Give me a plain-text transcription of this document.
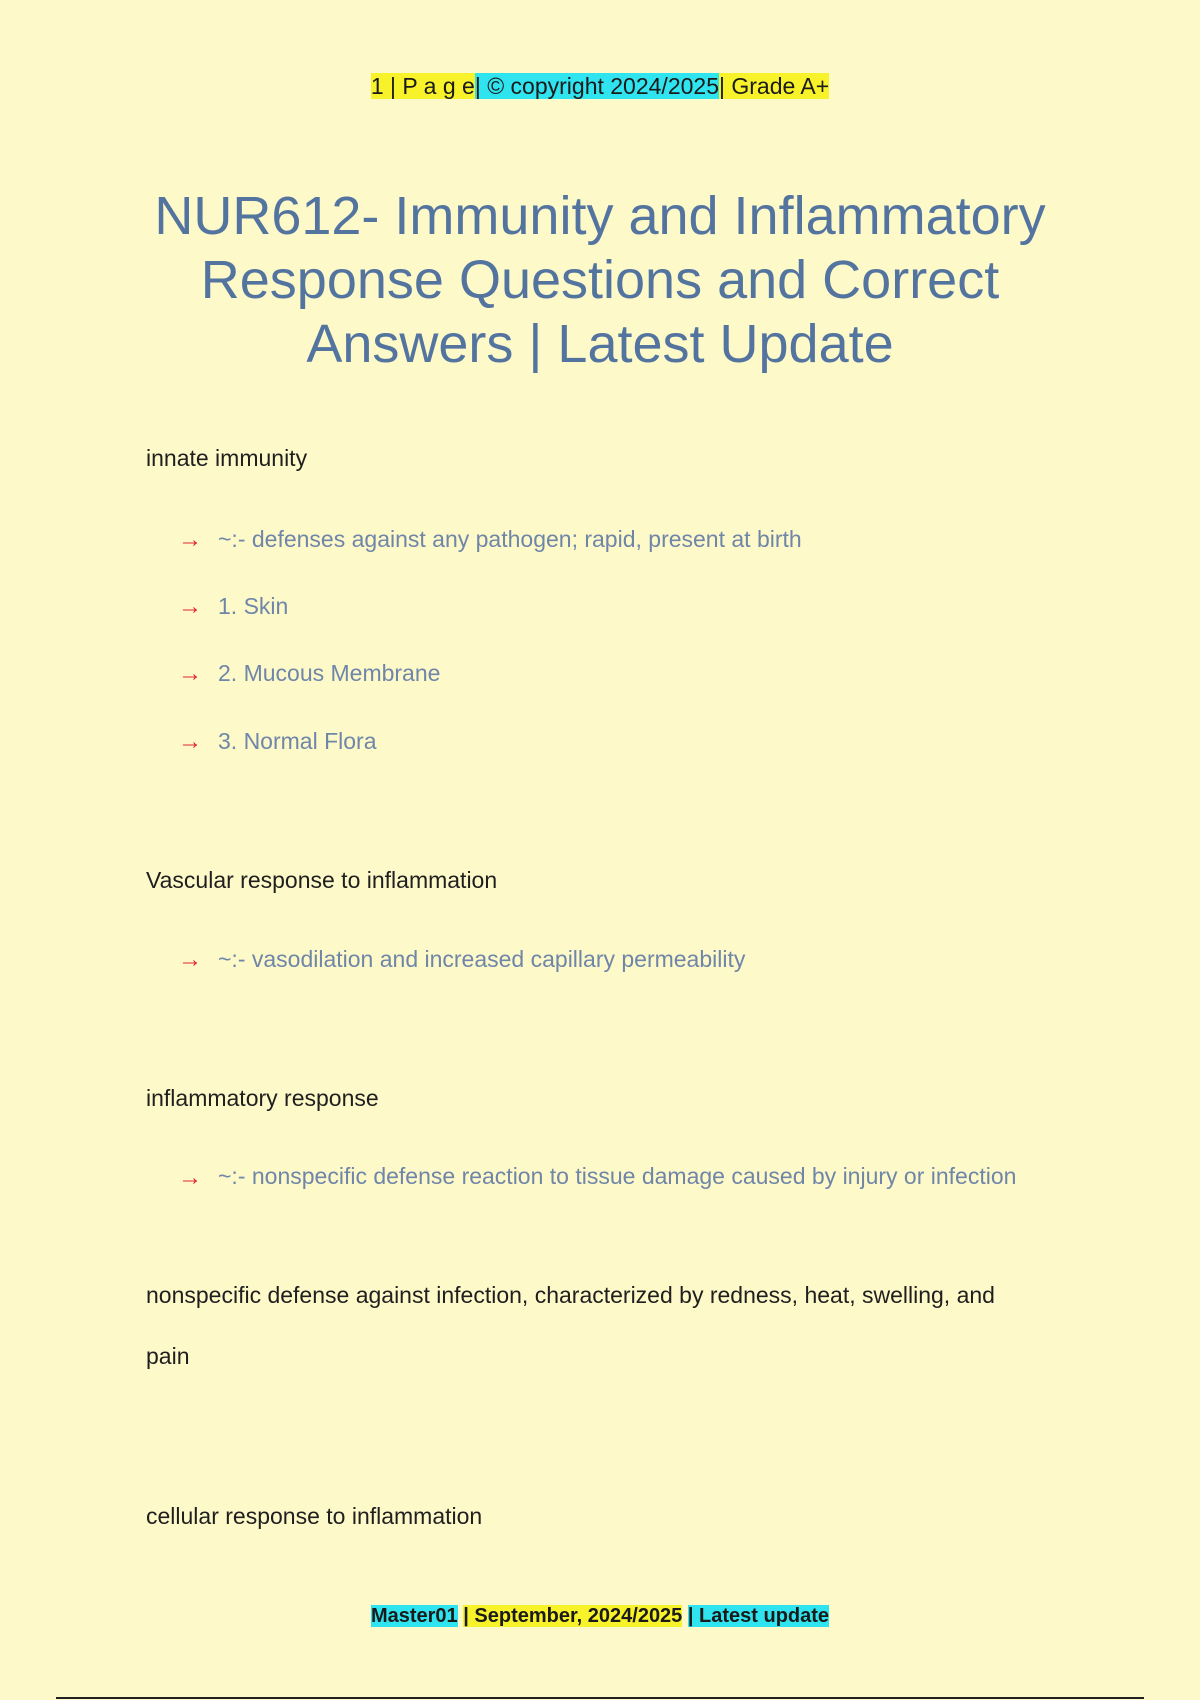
1 | P a g e| © copyright 2024/2025| Grade A+
NUR612- Immunity and Inflammatory Response Questions and Correct Answers | Latest Update

innate immunity

→ ~:- defenses against any pathogen; rapid, present at birth
→ 1. Skin
→ 2. Mucous Membrane
→ 3. Normal Flora

Vascular response to inflammation

→ ~:- vasodilation and increased capillary permeability

inflammatory response

→ ~:- nonspecific defense reaction to tissue damage caused by injury or infection

nonspecific defense against infection, characterized by redness, heat, swelling, and pain

cellular response to inflammation

Master01 | September, 2024/2025 | Latest update
